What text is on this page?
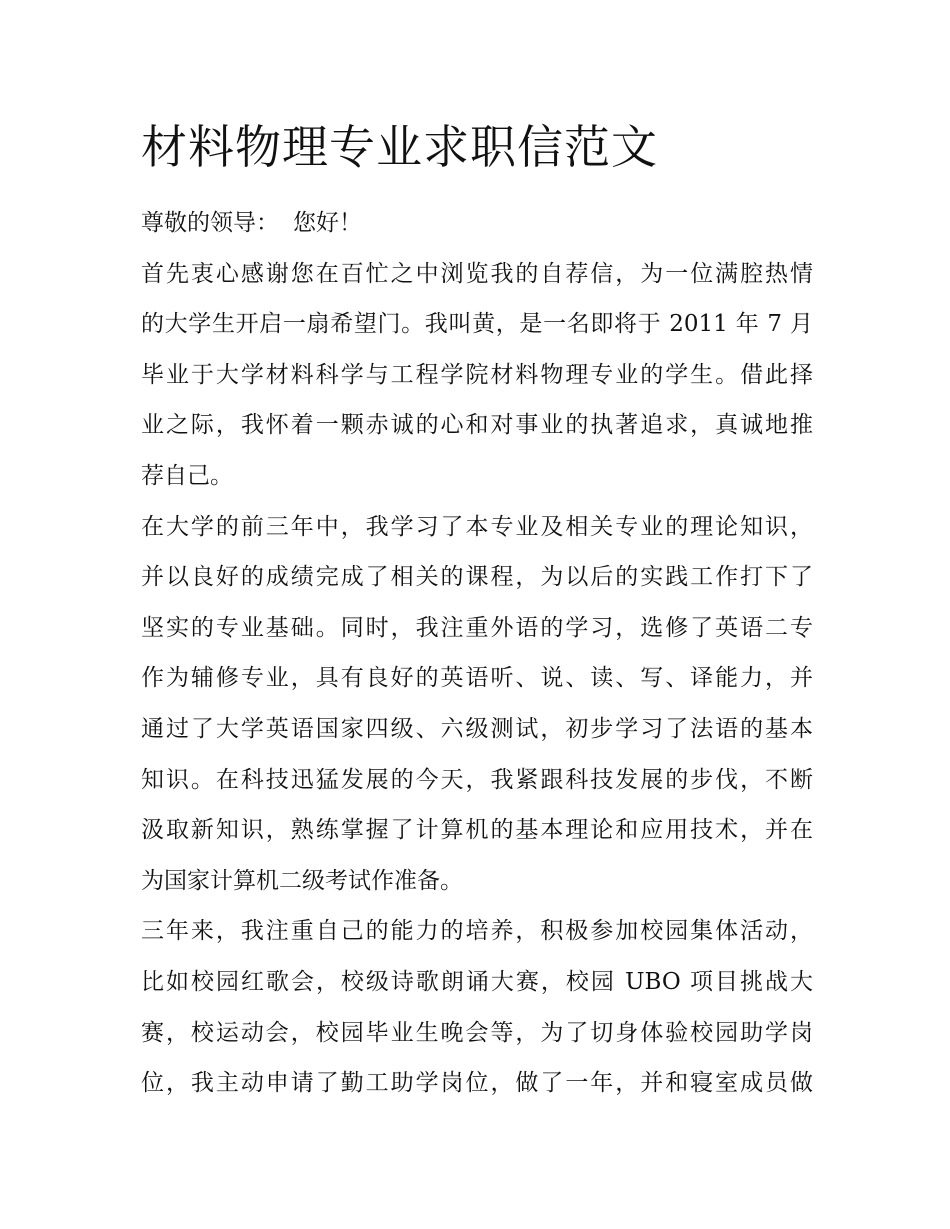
材料物理专业求职信范文

尊敬的领导： 您好！

首先衷心感谢您在百忙之中浏览我的自荐信，为一位满腔热情
的大学生开启一扇希望门。我叫黄，是一名即将于 2011 年 7 月
毕业于大学材料科学与工程学院材料物理专业的学生。借此择
业之际，我怀着一颗赤诚的心和对事业的执著追求，真诚地推
荐自己。

在大学的前三年中，我学习了本专业及相关专业的理论知识，
并以良好的成绩完成了相关的课程，为以后的实践工作打下了
坚实的专业基础。同时，我注重外语的学习，选修了英语二专
作为辅修专业，具有良好的英语听、说、读、写、译能力，并
通过了大学英语国家四级、六级测试，初步学习了法语的基本
知识。在科技迅猛发展的今天，我紧跟科技发展的步伐，不断
汲取新知识，熟练掌握了计算机的基本理论和应用技术，并在
为国家计算机二级考试作准备。

三年来，我注重自己的能力的培养，积极参加校园集体活动，
比如校园红歌会，校级诗歌朗诵大赛，校园 UBO 项目挑战大
赛，校运动会，校园毕业生晚会等，为了切身体验校园助学岗
位，我主动申请了勤工助学岗位，做了一年，并和寝室成员做
